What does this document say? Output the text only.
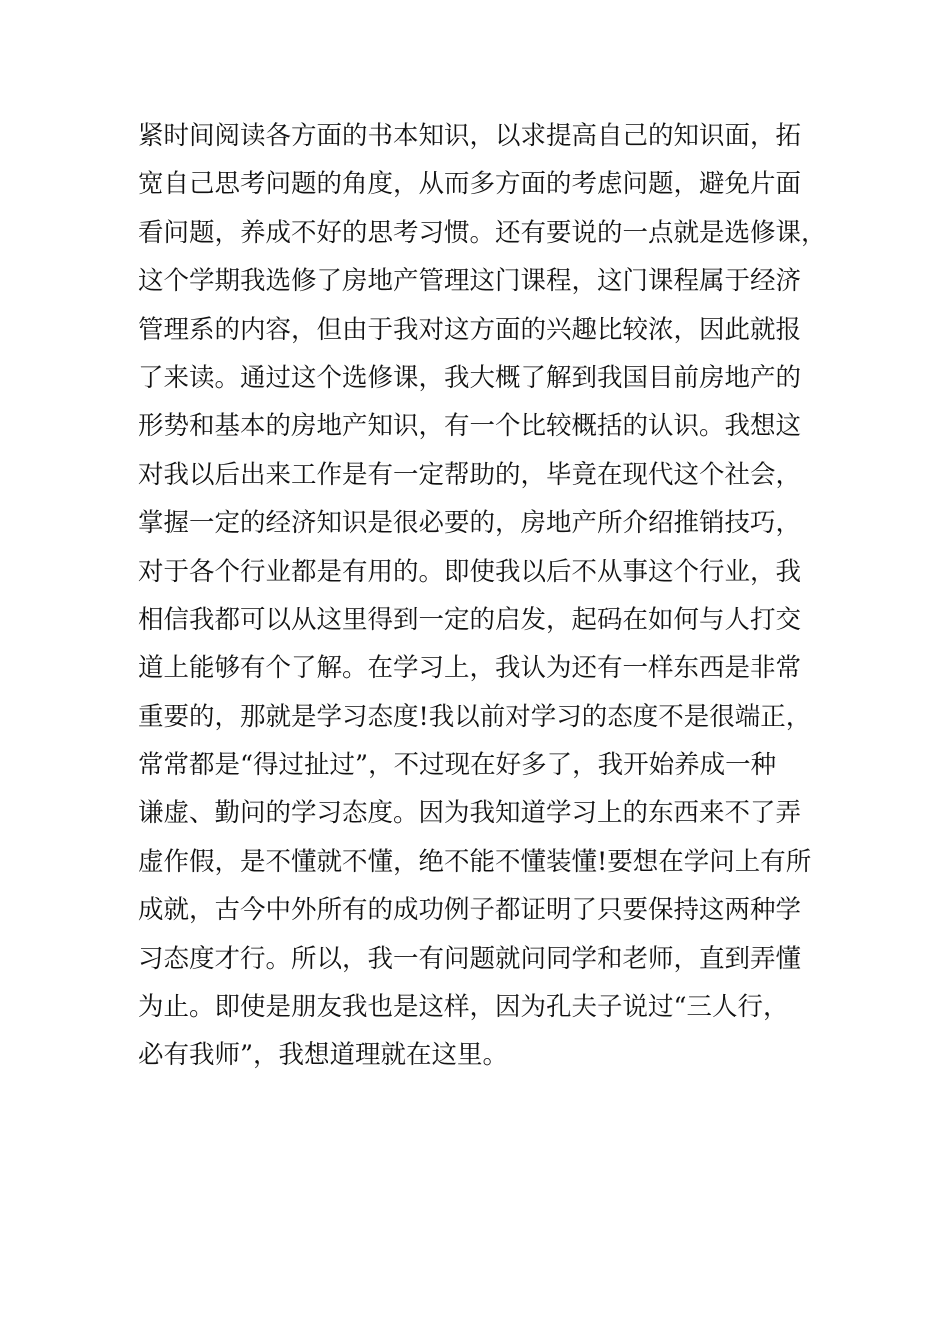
紧时间阅读各方面的书本知识，以求提高自己的知识面，拓
宽自己思考问题的角度，从而多方面的考虑问题，避免片面
看问题，养成不好的思考习惯。还有要说的一点就是选修课，
这个学期我选修了房地产管理这门课程，这门课程属于经济
管理系的内容，但由于我对这方面的兴趣比较浓，因此就报
了来读。通过这个选修课，我大概了解到我国目前房地产的
形势和基本的房地产知识，有一个比较概括的认识。我想这
对我以后出来工作是有一定帮助的，毕竟在现代这个社会，
掌握一定的经济知识是很必要的，房地产所介绍推销技巧，
对于各个行业都是有用的。即使我以后不从事这个行业，我
相信我都可以从这里得到一定的启发，起码在如何与人打交
道上能够有个了解。在学习上，我认为还有一样东西是非常
重要的，那就是学习态度!我以前对学习的态度不是很端正，
常常都是“得过扯过”，不过现在好多了，我开始养成一种
谦虚、勤问的学习态度。因为我知道学习上的东西来不了弄
虚作假，是不懂就不懂，绝不能不懂装懂!要想在学问上有所
成就，古今中外所有的成功例子都证明了只要保持这两种学
习态度才行。所以，我一有问题就问同学和老师，直到弄懂
为止。即使是朋友我也是这样，因为孔夫子说过“三人行，
必有我师”，我想道理就在这里。
